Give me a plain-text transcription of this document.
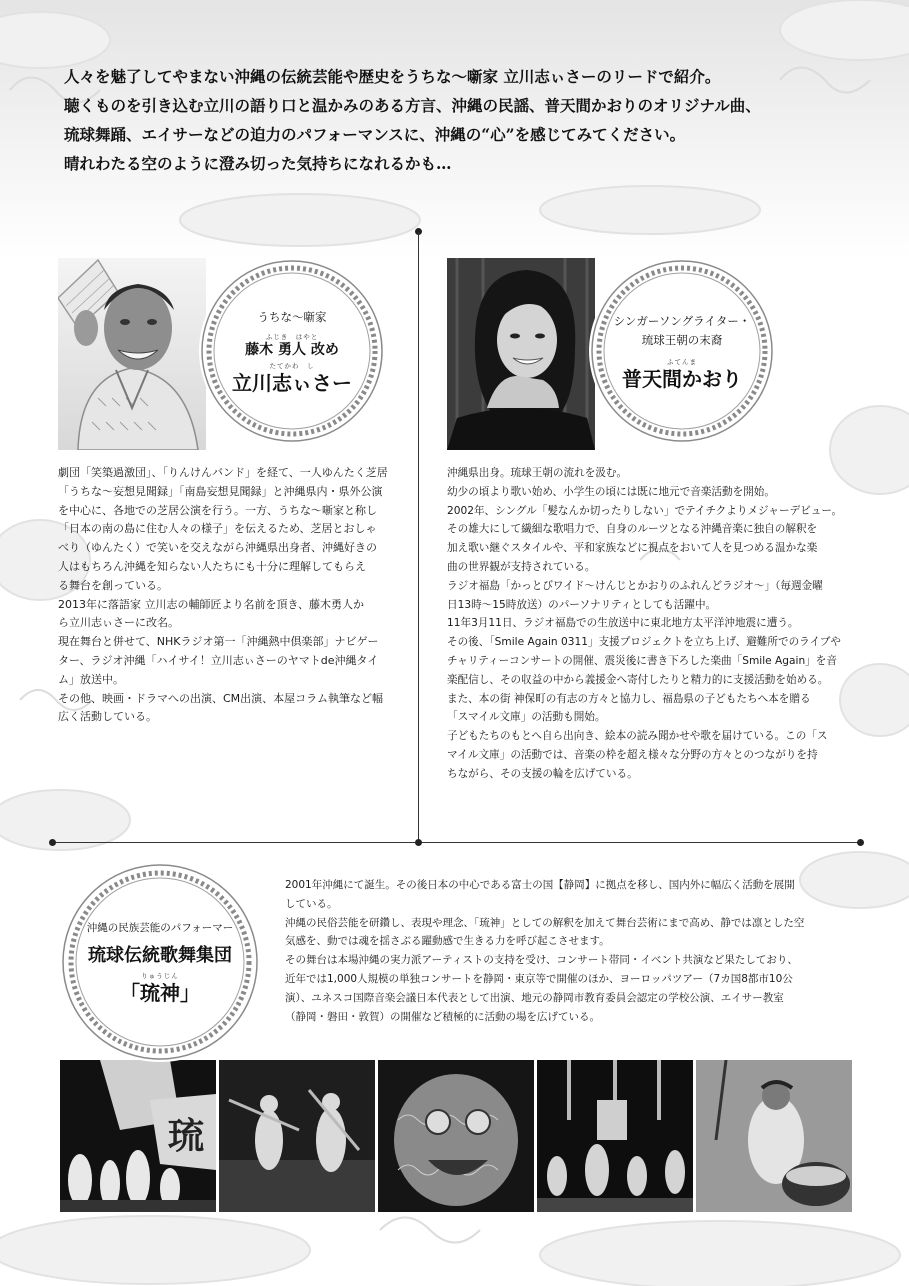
人々を魅了してやまない沖縄の伝統芸能や歴史をうちな〜噺家 立川志ぃさーのリードで紹介。

聴くものを引き込む立川の語り口と温かみのある方言、沖縄の民謡、普天間かおりのオリジナル曲、

琉球舞踊、エイサーなどの迫力のパフォーマンスに、沖縄の“心”を感じてみてください。

晴れわたる空のように澄み切った気持ちになれるかも…

うちな〜噺家
ふじき　はやと
藤木 勇人 改め
たてかわ　し
立川志ぃさー

劇団「笑築過激団」、「りんけんバンド」を経て、一人ゆんたく芝居

「うちな〜妄想見聞録」「南島妄想見聞録」と沖縄県内・県外公演

を中心に、各地での芝居公演を行う。一方、うちな〜噺家と称し

「日本の南の島に住む人々の様子」を伝えるため、芝居とおしゃ

べり（ゆんたく）で笑いを交えながら沖縄県出身者、沖縄好きの

人はもちろん沖縄を知らない人たちにも十分に理解してもらえ

る舞台を創っている。

2013年に落語家 立川志の輔師匠より名前を頂き、藤木勇人か

ら立川志ぃさーに改名。

現在舞台と併せて、NHKラジオ第一「沖縄熱中倶楽部」ナビゲー

ター、ラジオ沖縄「ハイサイ！立川志ぃさーのヤマトde沖縄タイ

ム」放送中。

その他、映画・ドラマへの出演、CM出演、本屋コラム執筆など幅

広く活動している。

シンガーソングライター・
琉球王朝の末裔
ふてんま
普天間かおり

沖縄県出身。琉球王朝の流れを汲む。

幼少の頃より歌い始め、小学生の頃には既に地元で音楽活動を開始。

2002年、シングル「髪なんか切ったりしない」でテイチクよりメジャーデビュー。

その雄大にして繊細な歌唱力で、自身のルーツとなる沖縄音楽に独自の解釈を

加え歌い継ぐスタイルや、平和家族などに視点をおいて人を見つめる温かな楽

曲の世界観が支持されている。

ラジオ福島「かっとびワイド〜けんじとかおりのふれんどラジオ〜」（毎週金曜

日13時〜15時放送）のパーソナリティとしても活躍中。

11年3月11日、ラジオ福島での生放送中に東北地方太平洋沖地震に遭う。

その後、「Smile Again 0311」支援プロジェクトを立ち上げ、避難所でのライブや

チャリティーコンサートの開催、震災後に書き下ろした楽曲「Smile Again」を音

楽配信し、その収益の中から義援金へ寄付したりと精力的に支援活動を始める。

また、本の街 神保町の有志の方々と協力し、福島県の子どもたちへ本を贈る

「スマイル文庫」の活動も開始。

子どもたちのもとへ自ら出向き、絵本の読み聞かせや歌を届けている。この「ス

マイル文庫」の活動では、音楽の枠を超え様々な分野の方々とのつながりを持

ちながら、その支援の輪を広げている。

沖縄の民族芸能のパフォーマー
琉球伝統歌舞集団
りゅうじん
「琉神」

2001年沖縄にて誕生。その後日本の中心である富士の国【静岡】に拠点を移し、国内外に幅広く活動を展開

している。

沖縄の民俗芸能を研鑽し、表現や理念、「琉神」としての解釈を加えて舞台芸術にまで高め、静では凛とした空

気感を、動では魂を揺さぶる躍動感で生きる力を呼び起こさせます。

その舞台は本場沖縄の実力派アーティストの支持を受け、コンサート帯同・イベント共演など果たしており、

近年では1,000人規模の単独コンサートを静岡・東京等で開催のほか、ヨーロッパツアー（7カ国8都市10公

演）、ユネスコ国際音楽会議日本代表として出演、地元の静岡市教育委員会認定の学校公演、エイサー教室

（静岡・磐田・敦賀）の開催など積極的に活動の場を広げている。

琉
